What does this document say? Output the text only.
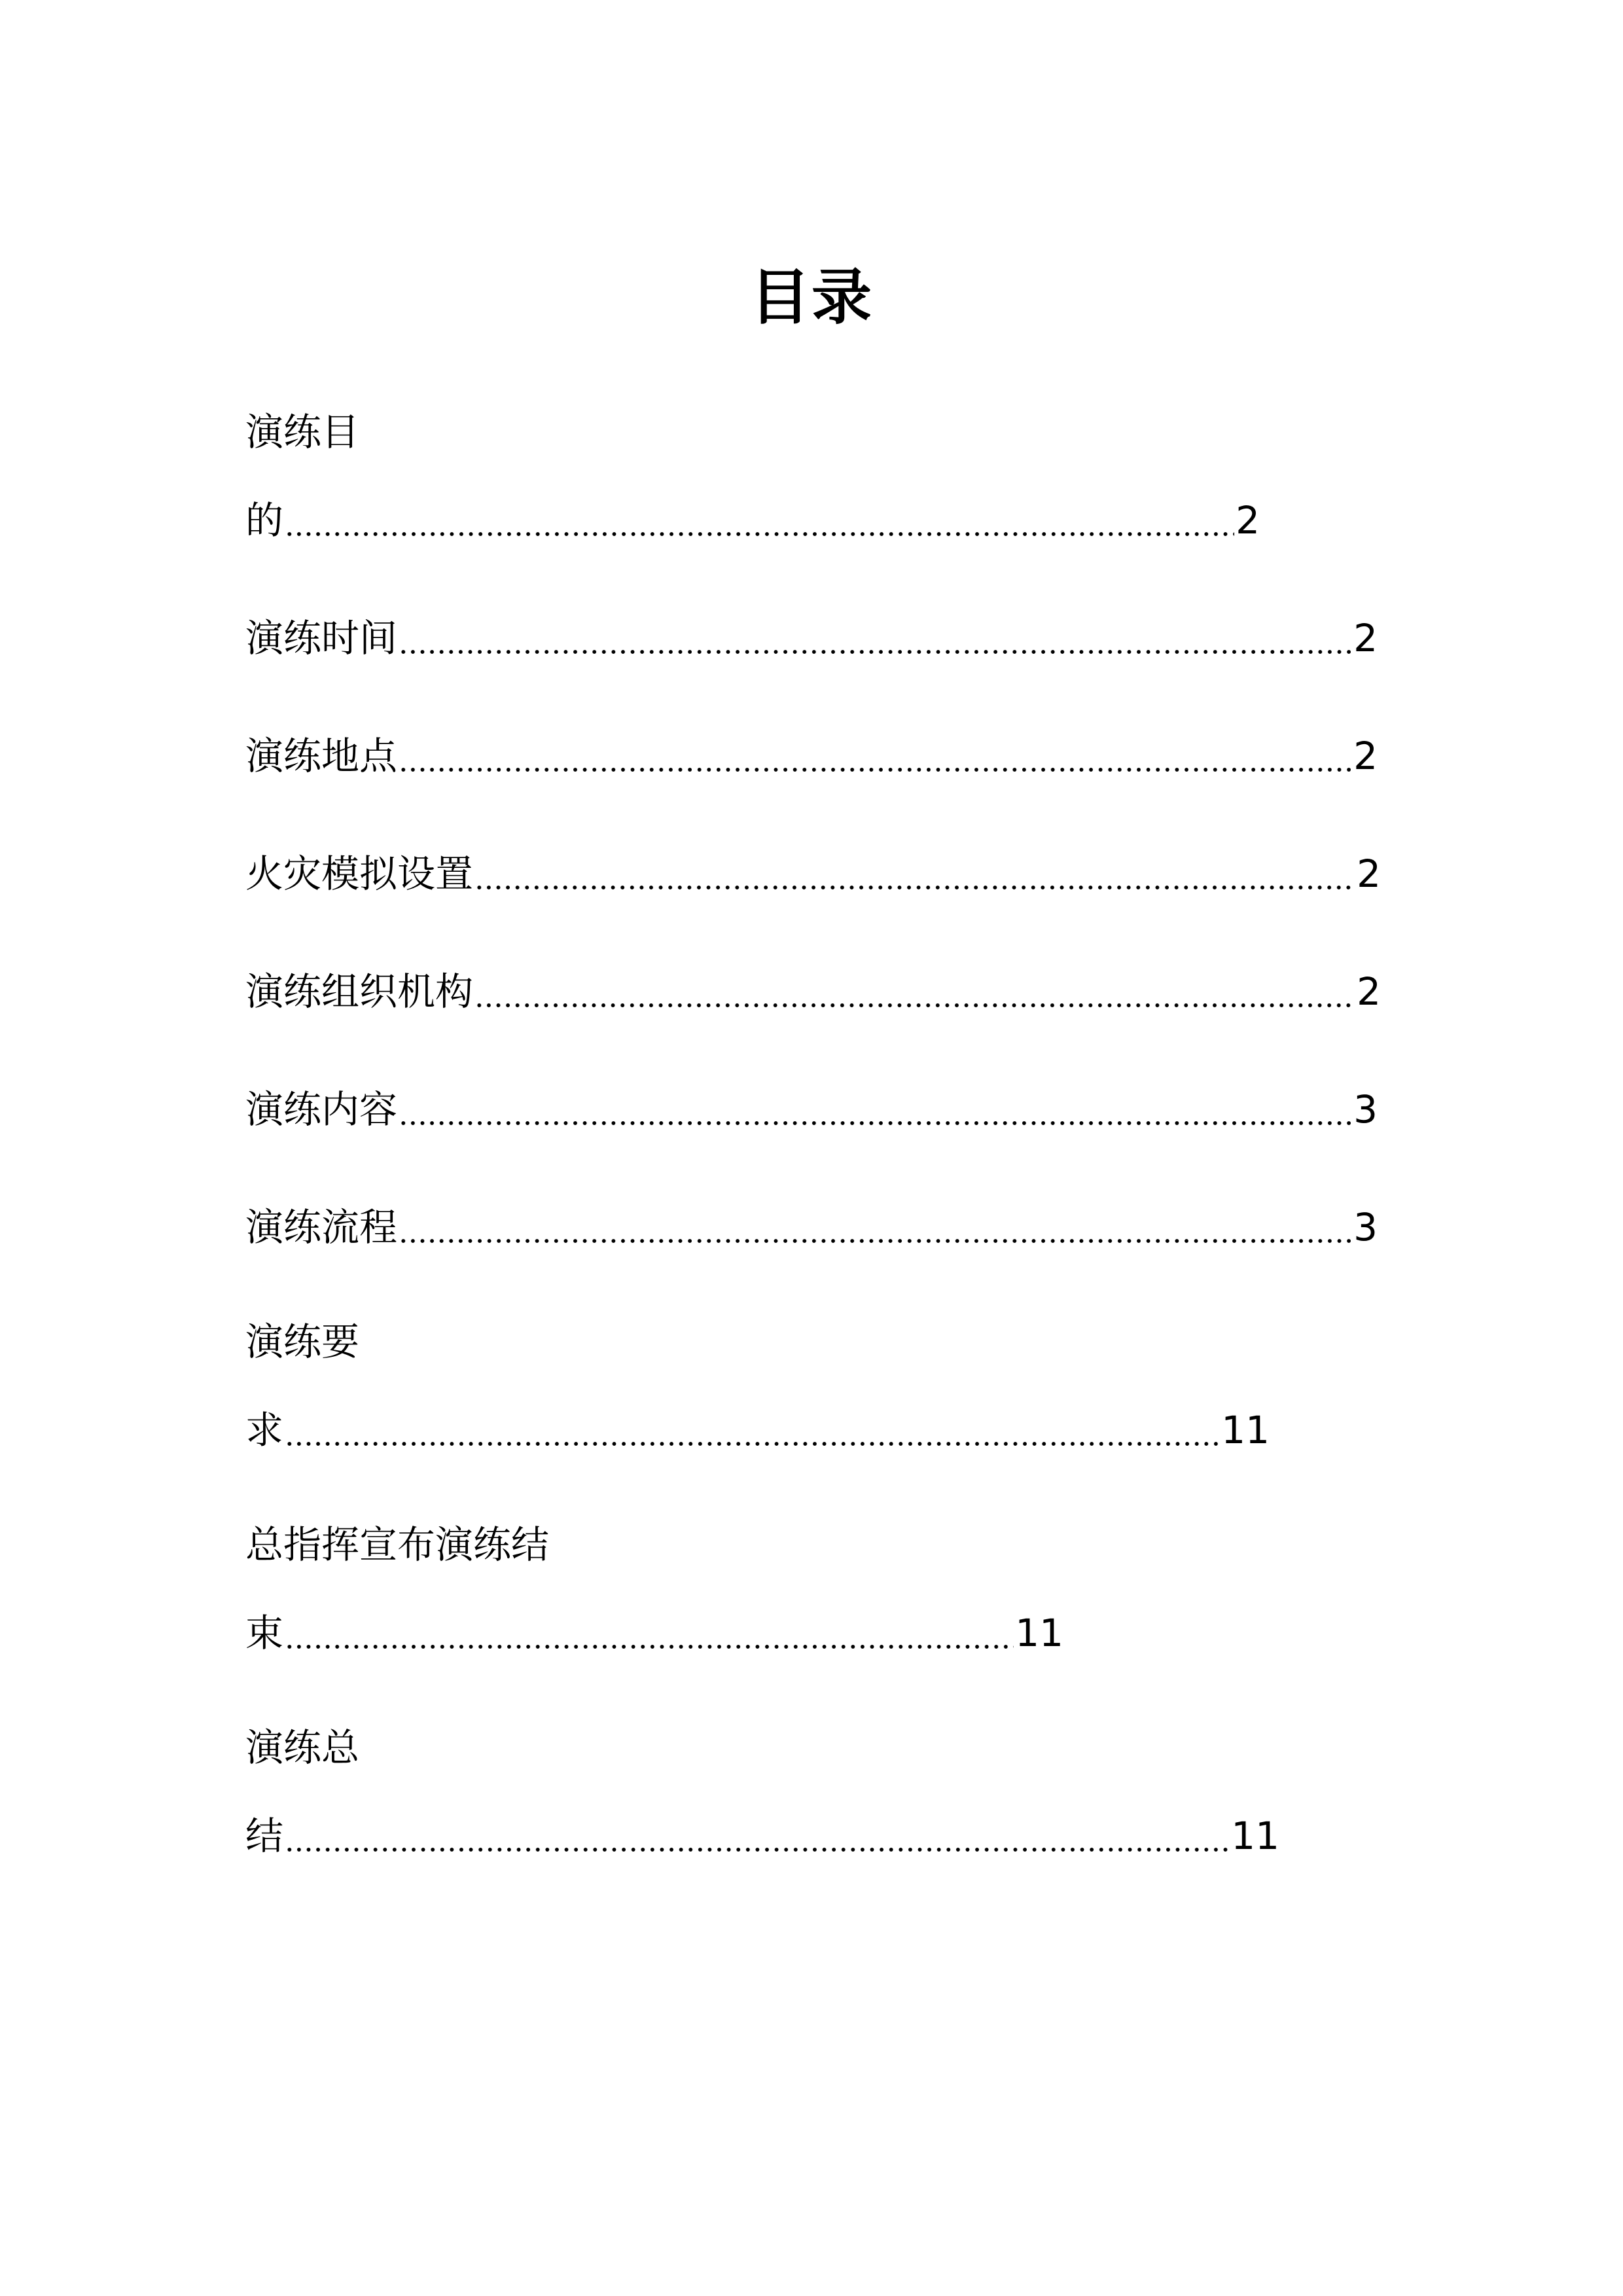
目录
演练目
的	2
演练时间	2
演练地点	2
火灾模拟设置	2
演练组织机构	2
演练内容	3
演练流程	3
演练要
求	11
总指挥宣布演练结
束	11
演练总
结	11
